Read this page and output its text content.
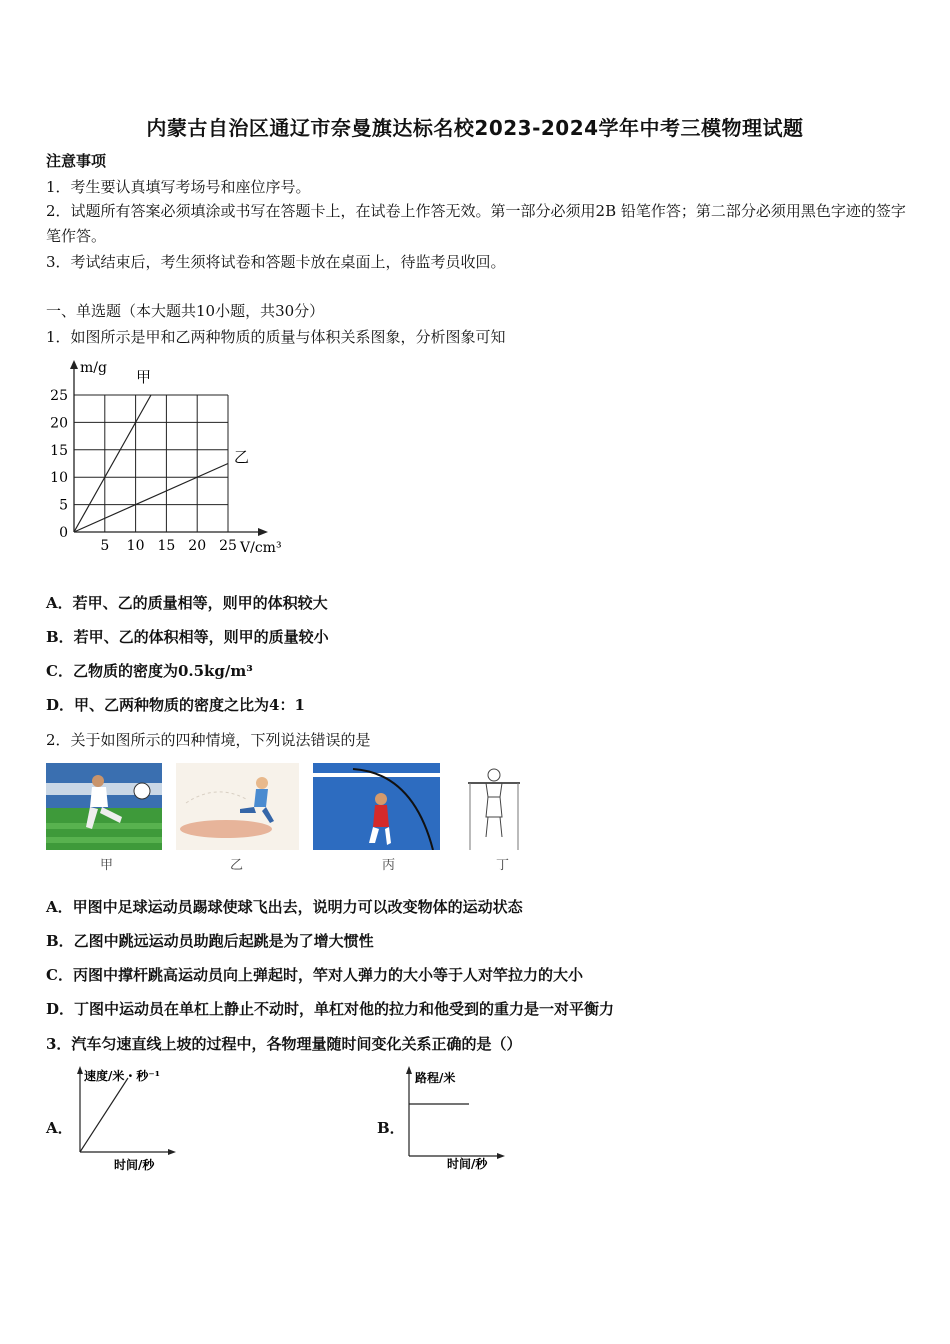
内蒙古自治区通辽市奈曼旗达标名校2023-2024学年中考三模物理试题
注意事项
1．考生要认真填写考场号和座位序号。
2．试题所有答案必须填涂或书写在答题卡上，在试卷上作答无效。第一部分必须用2B 铅笔作答；第二部分必须用黑色字迹的签字笔作答。
3．考试结束后，考生须将试卷和答题卡放在桌面上，待监考员收回。
一、单选题（本大题共10小题，共30分）
1．如图所示是甲和乙两种物质的质量与体积关系图象，分析图象可知
甲
乙
0
5
10
15
20
25
5 10 15 20 25
m/g
V/cm³
A．若甲、乙的质量相等，则甲的体积较大
B．若甲、乙的体积相等，则甲的质量较小
C．乙物质的密度为0.5kg/m³
D．甲、乙两种物质的密度之比为4：1
2．关于如图所示的四种情境，下列说法错误的是
甲	乙	丙	丁
A．甲图中足球运动员踢球使球飞出去，说明力可以改变物体的运动状态
B．乙图中跳远运动员助跑后起跳是为了增大惯性
C．丙图中撑杆跳高运动员向上弹起时，竿对人弹力的大小等于人对竿拉力的大小
D．丁图中运动员在单杠上静止不动时，单杠对他的拉力和他受到的重力是一对平衡力
3．汽车匀速直线上坡的过程中，各物理量随时间变化关系正确的是（）
A．
速度/米・秒⁻¹
时间/秒
B．
路程/米
时间/秒
